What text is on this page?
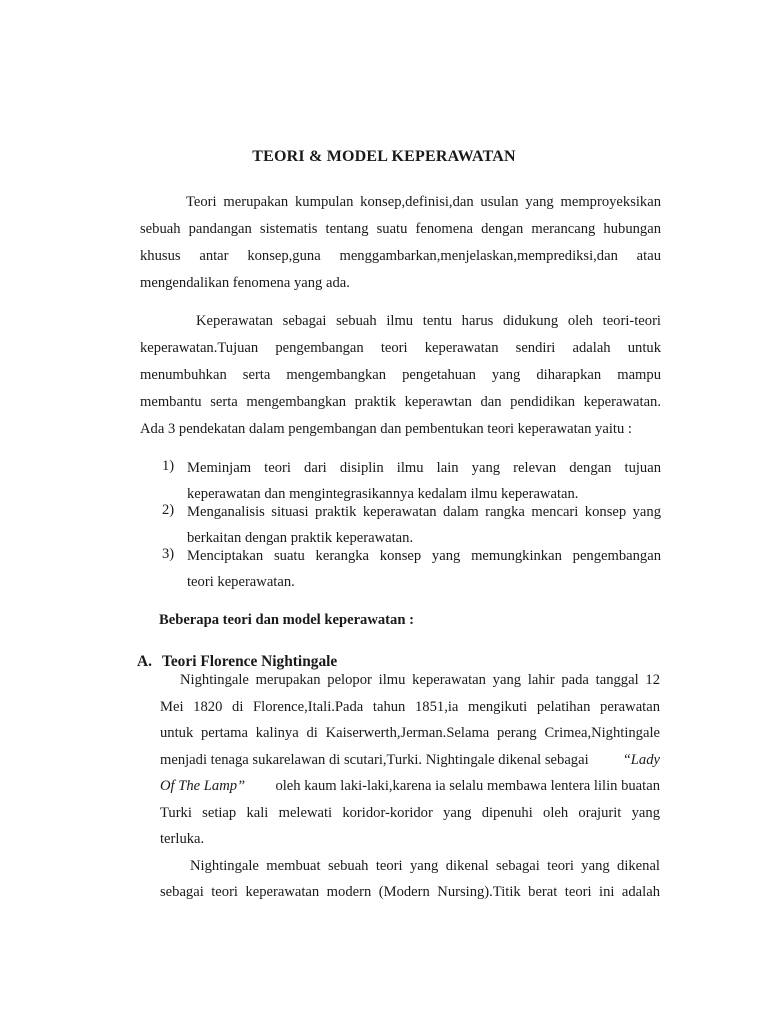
TEORI & MODEL KEPERAWATAN
Teori merupakan kumpulan konsep,definisi,dan usulan yang memproyeksikan
sebuah pandangan sistematis tentang suatu fenomena dengan merancang hubungan
khusus antar konsep,guna menggambarkan,menjelaskan,memprediksi,dan atau
mengendalikan fenomena yang ada.
Keperawatan sebagai sebuah ilmu tentu harus didukung oleh teori-teori
keperawatan.Tujuan pengembangan teori keperawatan sendiri adalah untuk
menumbuhkan serta mengembangkan pengetahuan yang diharapkan mampu
membantu serta mengembangkan praktik keperawtan dan pendidikan keperawatan.
Ada 3 pendekatan dalam pengembangan dan pembentukan teori keperawatan yaitu :
1) Meminjam teori dari disiplin ilmu lain yang relevan dengan tujuan
keperawatan dan mengintegrasikannya kedalam ilmu keperawatan.
2) Menganalisis situasi praktik keperawatan dalam rangka mencari konsep yang
berkaitan dengan praktik keperawatan.
3) Menciptakan suatu kerangka konsep yang memungkinkan pengembangan
teori keperawatan.
Beberapa teori dan model keperawatan :
A. Teori Florence Nightingale
Nightingale merupakan pelopor ilmu keperawatan yang lahir pada tanggal 12
Mei 1820 di Florence,Itali.Pada tahun 1851,ia mengikuti pelatihan perawatan
untuk pertama kalinya di Kaiserwerth,Jerman.Selama perang Crimea,Nightingale
menjadi tenaga sukarelawan di scutari,Turki. Nightingale dikenal sebagai “Lady
Of The Lamp” oleh kaum laki-laki,karena ia selalu membawa lentera lilin buatan
Turki setiap kali melewati koridor-koridor yang dipenuhi oleh orajurit yang
terluka.
Nightingale membuat sebuah teori yang dikenal sebagai teori yang dikenal
sebagai teori keperawatan modern (Modern Nursing).Titik berat teori ini adalah
